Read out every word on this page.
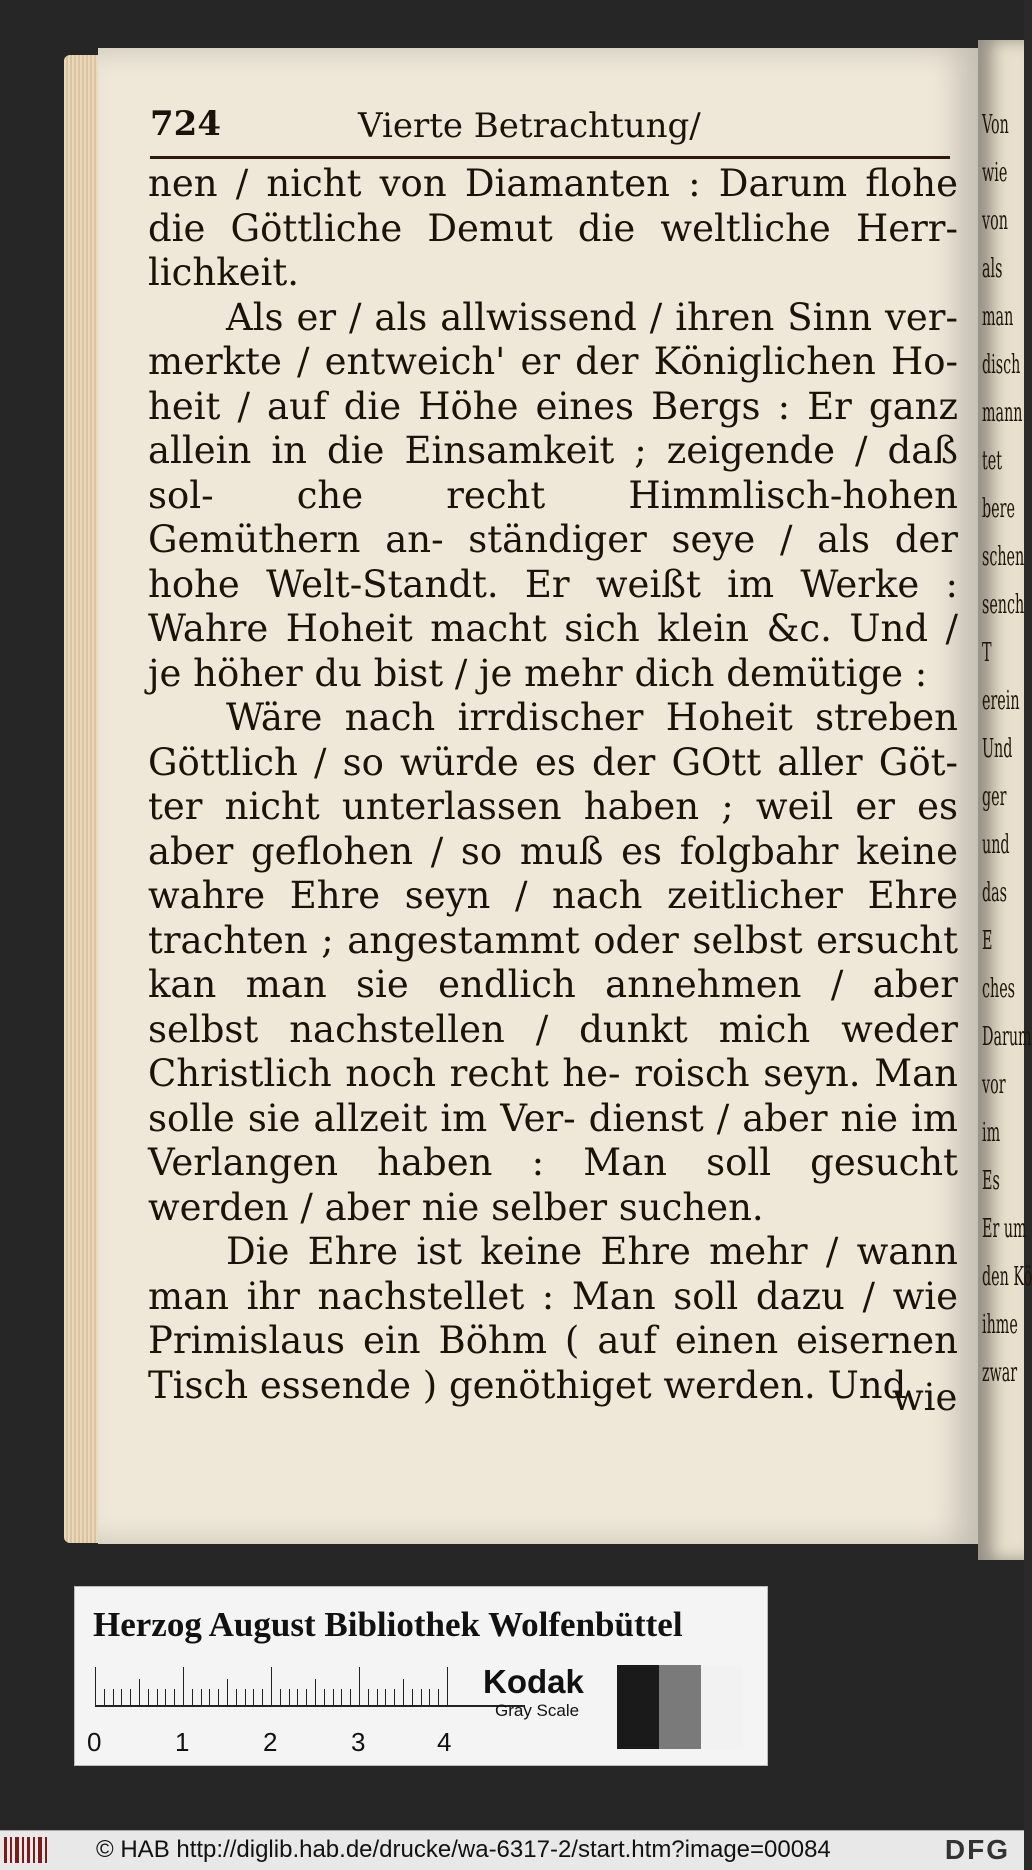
Von
wie
von
als
man
disch
mann
tet
bere
schen
sench
T
erein
Und
ger
und
das
E
ches
Darum
vor
im
Es
Er um
den Kö
ihme
zwar
724	Vierte Betrachtung/

nen / nicht von Diamanten : Darum flohe die Göttliche Demut die weltliche Herr- lichkeit.

Als er / als allwissend / ihren Sinn ver- merkte / entweich' er der Königlichen Ho- heit / auf die Höhe eines Bergs : Er ganz allein in die Einsamkeit ; zeigende / daß sol- che recht Himmlisch-hohen Gemüthern an- ständiger seye / als der hohe Welt-Standt. Er weißt im Werke : Wahre Hoheit macht sich klein &c. Und / je höher du bist / je mehr dich demütige :

Wäre nach irrdischer Hoheit streben Göttlich / so würde es der GOtt aller Göt- ter nicht unterlassen haben ; weil er es aber geflohen / so muß es folgbahr keine wahre Ehre seyn / nach zeitlicher Ehre trachten ; angestammt oder selbst ersucht kan man sie endlich annehmen / aber selbst nachstellen / dunkt mich weder Christlich noch recht he- roisch seyn. Man solle sie allzeit im Ver- dienst / aber nie im Verlangen haben : Man soll gesucht werden / aber nie selber suchen.

Die Ehre ist keine Ehre mehr / wann man ihr nachstellet : Man soll dazu / wie Primislaus ein Böhm ( auf einen eisernen Tisch essende ) genöthiget werden. Und

wie
Herzog August Bibliothek Wolfenbüttel
0	1	2	3	4
Kodak
Gray Scale
© HAB http://diglib.hab.de/drucke/wa-6317-2/start.htm?image=00084	DFG
